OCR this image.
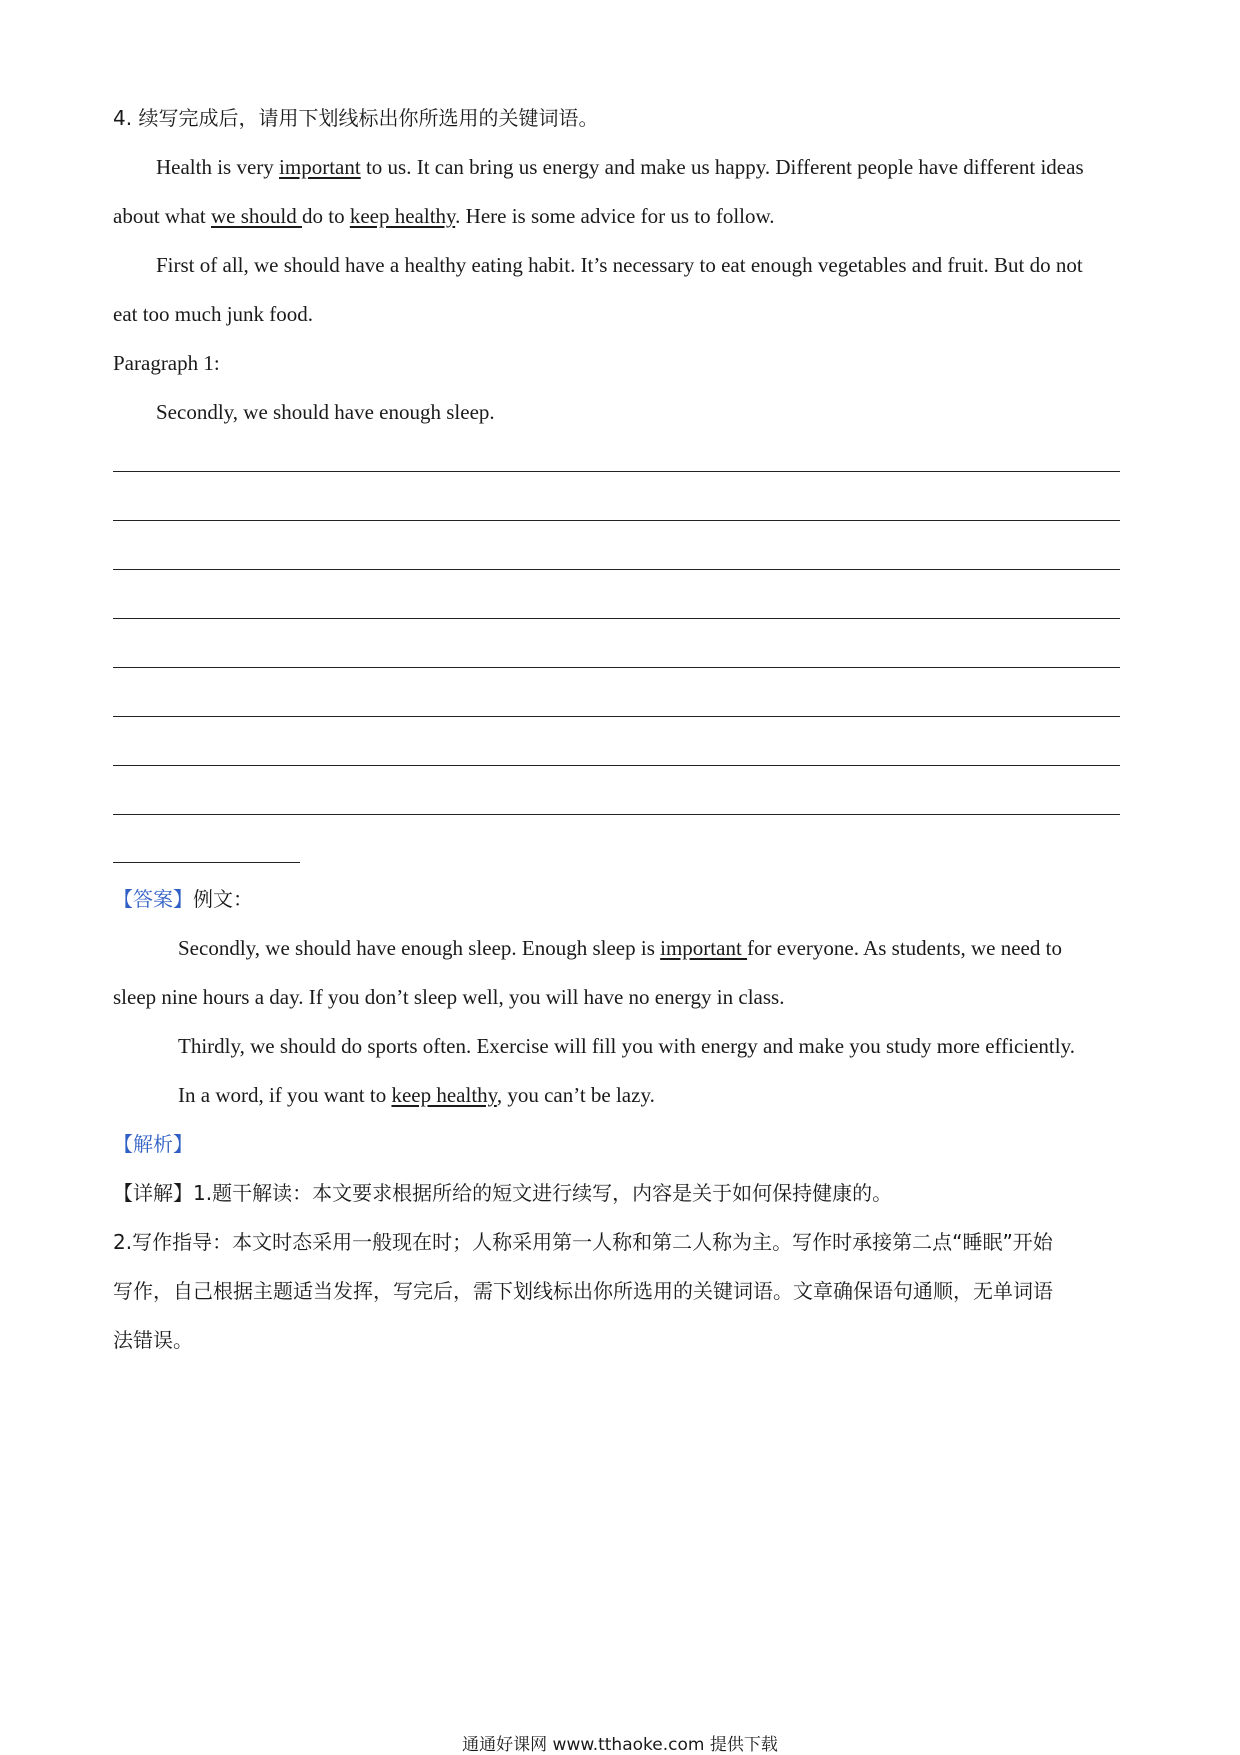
4. 续写完成后，请用下划线标出你所选用的关键词语。
Health is very important to us. It can bring us energy and make us happy. Different people have different ideas
about what we should do to keep healthy. Here is some advice for us to follow.
First of all, we should have a healthy eating habit. It’s necessary to eat enough vegetables and fruit. But do not
eat too much junk food.
Paragraph 1:
Secondly, we should have enough sleep.
【答案】例文：
Secondly, we should have enough sleep. Enough sleep is important for everyone. As students, we need to
sleep nine hours a day. If you don’t sleep well, you will have no energy in class.
Thirdly, we should do sports often. Exercise will fill you with energy and make you study more efficiently.
In a word, if you want to keep healthy, you can’t be lazy.
【解析】
【详解】1.题干解读：本文要求根据所给的短文进行续写，内容是关于如何保持健康的。
2.写作指导：本文时态采用一般现在时；人称采用第一人称和第二人称为主。写作时承接第二点“睡眠”开始
写作，自己根据主题适当发挥，写完后，需下划线标出你所选用的关键词语。文章确保语句通顺，无单词语
法错误。
通通好课网 www.tthaoke.com 提供下载
